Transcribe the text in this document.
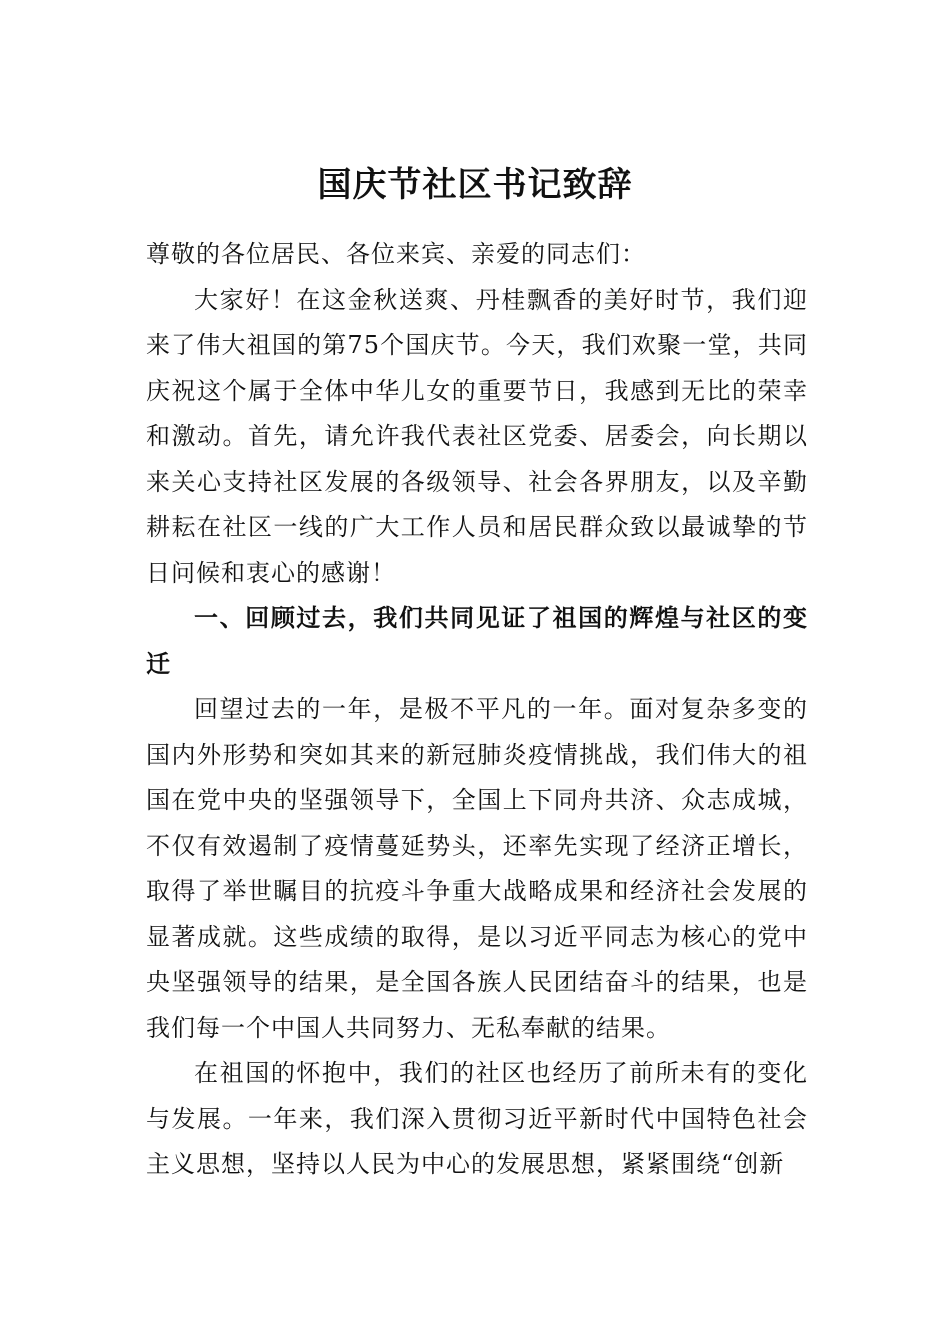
国庆节社区书记致辞

尊敬的各位居民、各位来宾、亲爱的同志们：

大家好！在这金秋送爽、丹桂飘香的美好时节，我们迎来了伟大祖国的第75个国庆节。今天，我们欢聚一堂，共同庆祝这个属于全体中华儿女的重要节日，我感到无比的荣幸和激动。首先，请允许我代表社区党委、居委会，向长期以来关心支持社区发展的各级领导、社会各界朋友，以及辛勤耕耘在社区一线的广大工作人员和居民群众致以最诚挚的节日问候和衷心的感谢！

一、回顾过去，我们共同见证了祖国的辉煌与社区的变迁

回望过去的一年，是极不平凡的一年。面对复杂多变的国内外形势和突如其来的新冠肺炎疫情挑战，我们伟大的祖国在党中央的坚强领导下，全国上下同舟共济、众志成城，不仅有效遏制了疫情蔓延势头，还率先实现了经济正增长，取得了举世瞩目的抗疫斗争重大战略成果和经济社会发展的显著成就。这些成绩的取得，是以习近平同志为核心的党中央坚强领导的结果，是全国各族人民团结奋斗的结果，也是我们每一个中国人共同努力、无私奉献的结果。

在祖国的怀抱中，我们的社区也经历了前所未有的变化与发展。一年来，我们深入贯彻习近平新时代中国特色社会主义思想，坚持以人民为中心的发展思想，紧紧围绕“创新
